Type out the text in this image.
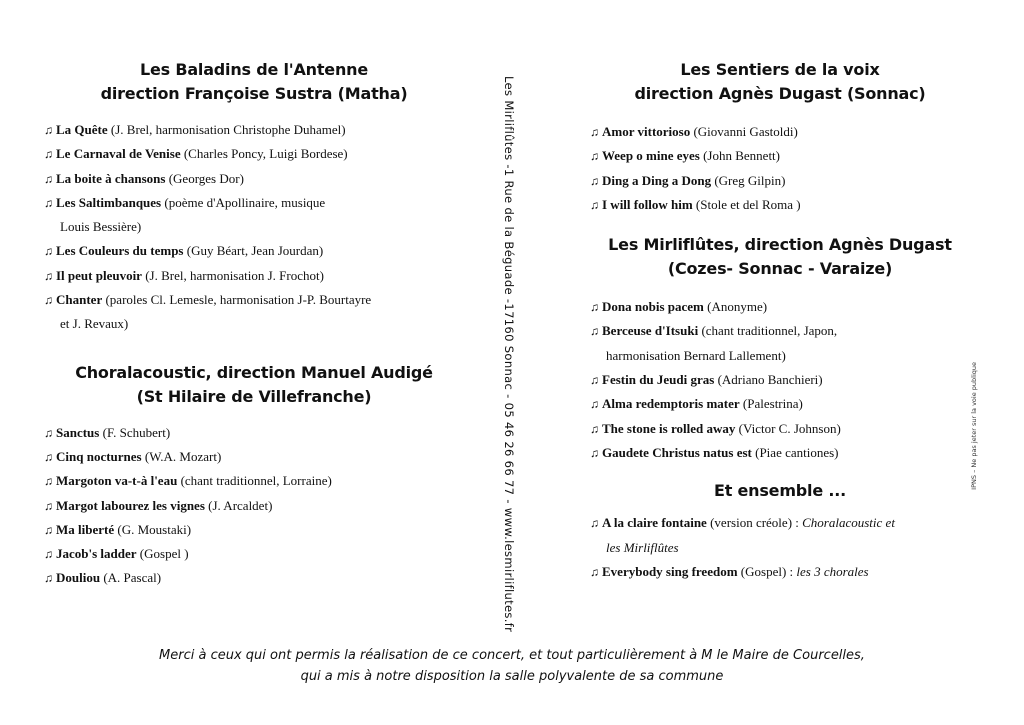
Les Baladins de l'Antenne
direction Françoise Sustra (Matha)
♫ La Quête (J. Brel, harmonisation Christophe Duhamel)
♫ Le Carnaval de Venise (Charles Poncy, Luigi Bordese)
♫ La boite à chansons (Georges Dor)
♫ Les Saltimbanques (poème d'Apollinaire, musique
Louis Bessière)
♫ Les Couleurs du temps (Guy Béart, Jean Jourdan)
♫ Il peut pleuvoir (J. Brel, harmonisation J. Frochot)
♫ Chanter (paroles Cl. Lemesle, harmonisation J-P. Bourtayre
et J. Revaux)
Choralacoustic, direction Manuel Audigé
(St Hilaire de Villefranche)
♫ Sanctus (F. Schubert)
♫ Cinq nocturnes (W.A. Mozart)
♫ Margoton va-t-à l'eau (chant traditionnel, Lorraine)
♫ Margot labourez les vignes (J. Arcaldet)
♫ Ma liberté (G. Moustaki)
♫ Jacob's ladder (Gospel )
♫ Douliou (A. Pascal)	Les Mirliflûtes -1 Rue de la Béguade -17160 Sonnac - 05 46 26 66 77 - www.lesmirliflutes.fr
Les Sentiers de la voix
direction Agnès Dugast (Sonnac)
♫ Amor vittorioso (Giovanni Gastoldi)
♫ Weep o mine eyes (John Bennett)
♫ Ding a Ding a Dong (Greg Gilpin)
♫ I will follow him (Stole et del Roma )
Les Mirliflûtes, direction Agnès Dugast
(Cozes- Sonnac - Varaize)
♫ Dona nobis pacem (Anonyme)
♫ Berceuse d'Itsuki (chant traditionnel, Japon,
harmonisation Bernard Lallement)
♫ Festin du Jeudi gras (Adriano Banchieri)
♫ Alma redemptoris mater (Palestrina)
♫ The stone is rolled away (Victor C. Johnson)
♫ Gaudete Christus natus est (Piae cantiones)
Et ensemble ...
♫ A la claire fontaine (version créole) : Choralacoustic et
les Mirliflûtes
♫ Everybody sing freedom (Gospel) : les 3 chorales
IPNS – Ne pas jeter sur la voie publique
Merci à ceux qui ont permis la réalisation de ce concert, et tout particulièrement à M le Maire de Courcelles,
qui a mis à notre disposition la salle polyvalente de sa commune
